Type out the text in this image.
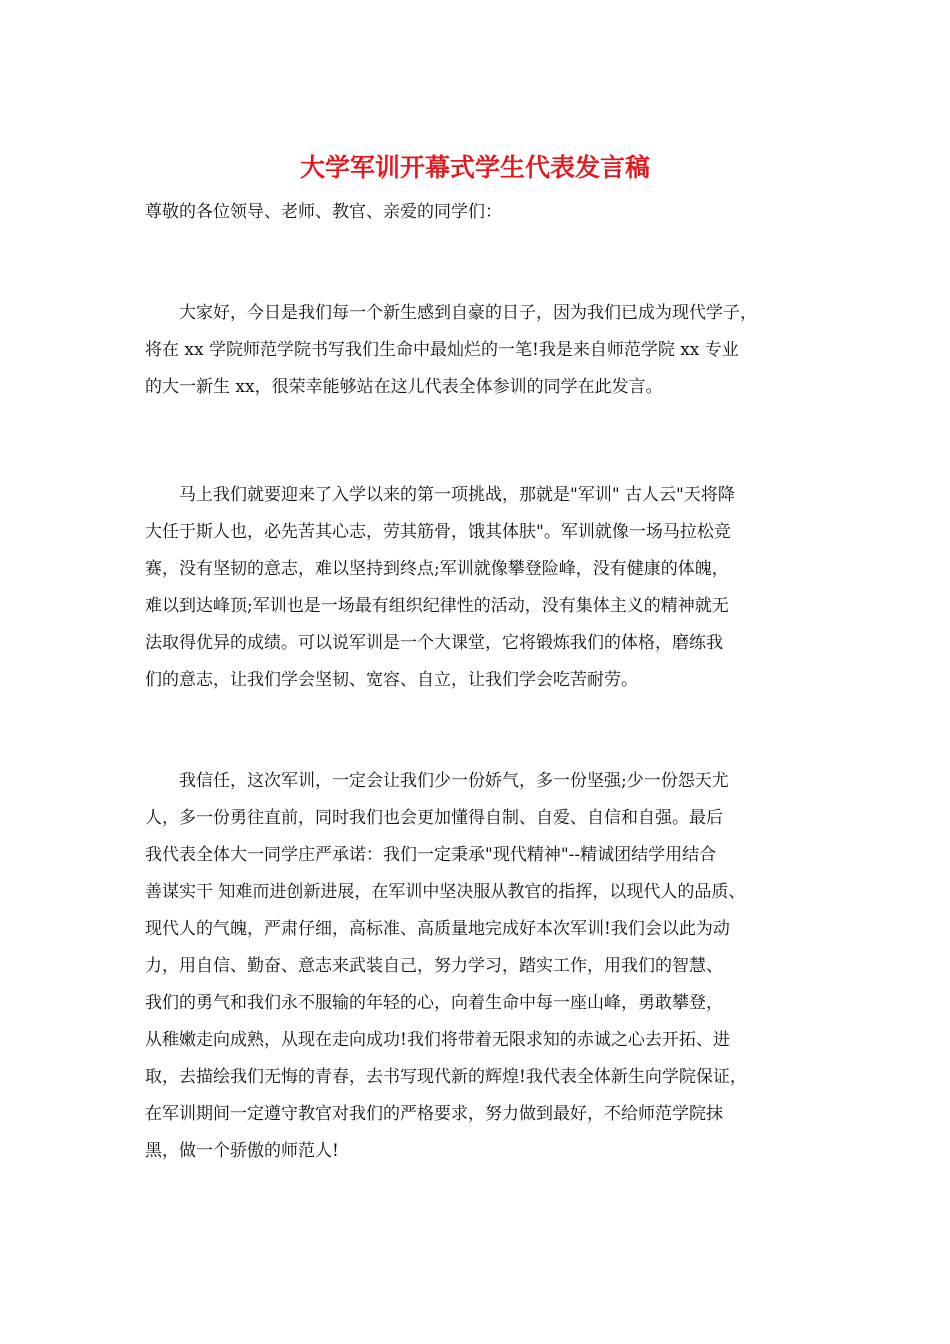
大学军训开幕式学生代表发言稿
尊敬的各位领导、老师、教官、亲爱的同学们：
　　大家好，今日是我们每一个新生感到自豪的日子，因为我们已成为现代学子，
将在 xx 学院师范学院书写我们生命中最灿烂的一笔!我是来自师范学院 xx 专业
的大一新生 xx，很荣幸能够站在这儿代表全体参训的同学在此发言。
　　马上我们就要迎来了入学以来的第一项挑战，那就是"军训" 古人云"天将降
大任于斯人也，必先苦其心志，劳其筋骨，饿其体肤"。军训就像一场马拉松竞
赛，没有坚韧的意志，难以坚持到终点;军训就像攀登险峰，没有健康的体魄，
难以到达峰顶;军训也是一场最有组织纪律性的活动，没有集体主义的精神就无
法取得优异的成绩。可以说军训是一个大课堂，它将锻炼我们的体格，磨练我
们的意志，让我们学会坚韧、宽容、自立，让我们学会吃苦耐劳。
　　我信任，这次军训，一定会让我们少一份娇气，多一份坚强;少一份怨天尤
人，多一份勇往直前，同时我们也会更加懂得自制、自爱、自信和自强。最后
我代表全体大一同学庄严承诺：我们一定秉承"现代精神"--精诚团结学用结合
善谋实干 知难而进创新进展，在军训中坚决服从教官的指挥，以现代人的品质、
现代人的气魄，严肃仔细，高标准、高质量地完成好本次军训!我们会以此为动
力，用自信、勤奋、意志来武装自己，努力学习，踏实工作，用我们的智慧、
我们的勇气和我们永不服输的年轻的心，向着生命中每一座山峰，勇敢攀登，
从稚嫩走向成熟，从现在走向成功!我们将带着无限求知的赤诚之心去开拓、进
取，去描绘我们无悔的青春，去书写现代新的辉煌!我代表全体新生向学院保证，
在军训期间一定遵守教官对我们的严格要求，努力做到最好，不给师范学院抹
黑，做一个骄傲的师范人!
